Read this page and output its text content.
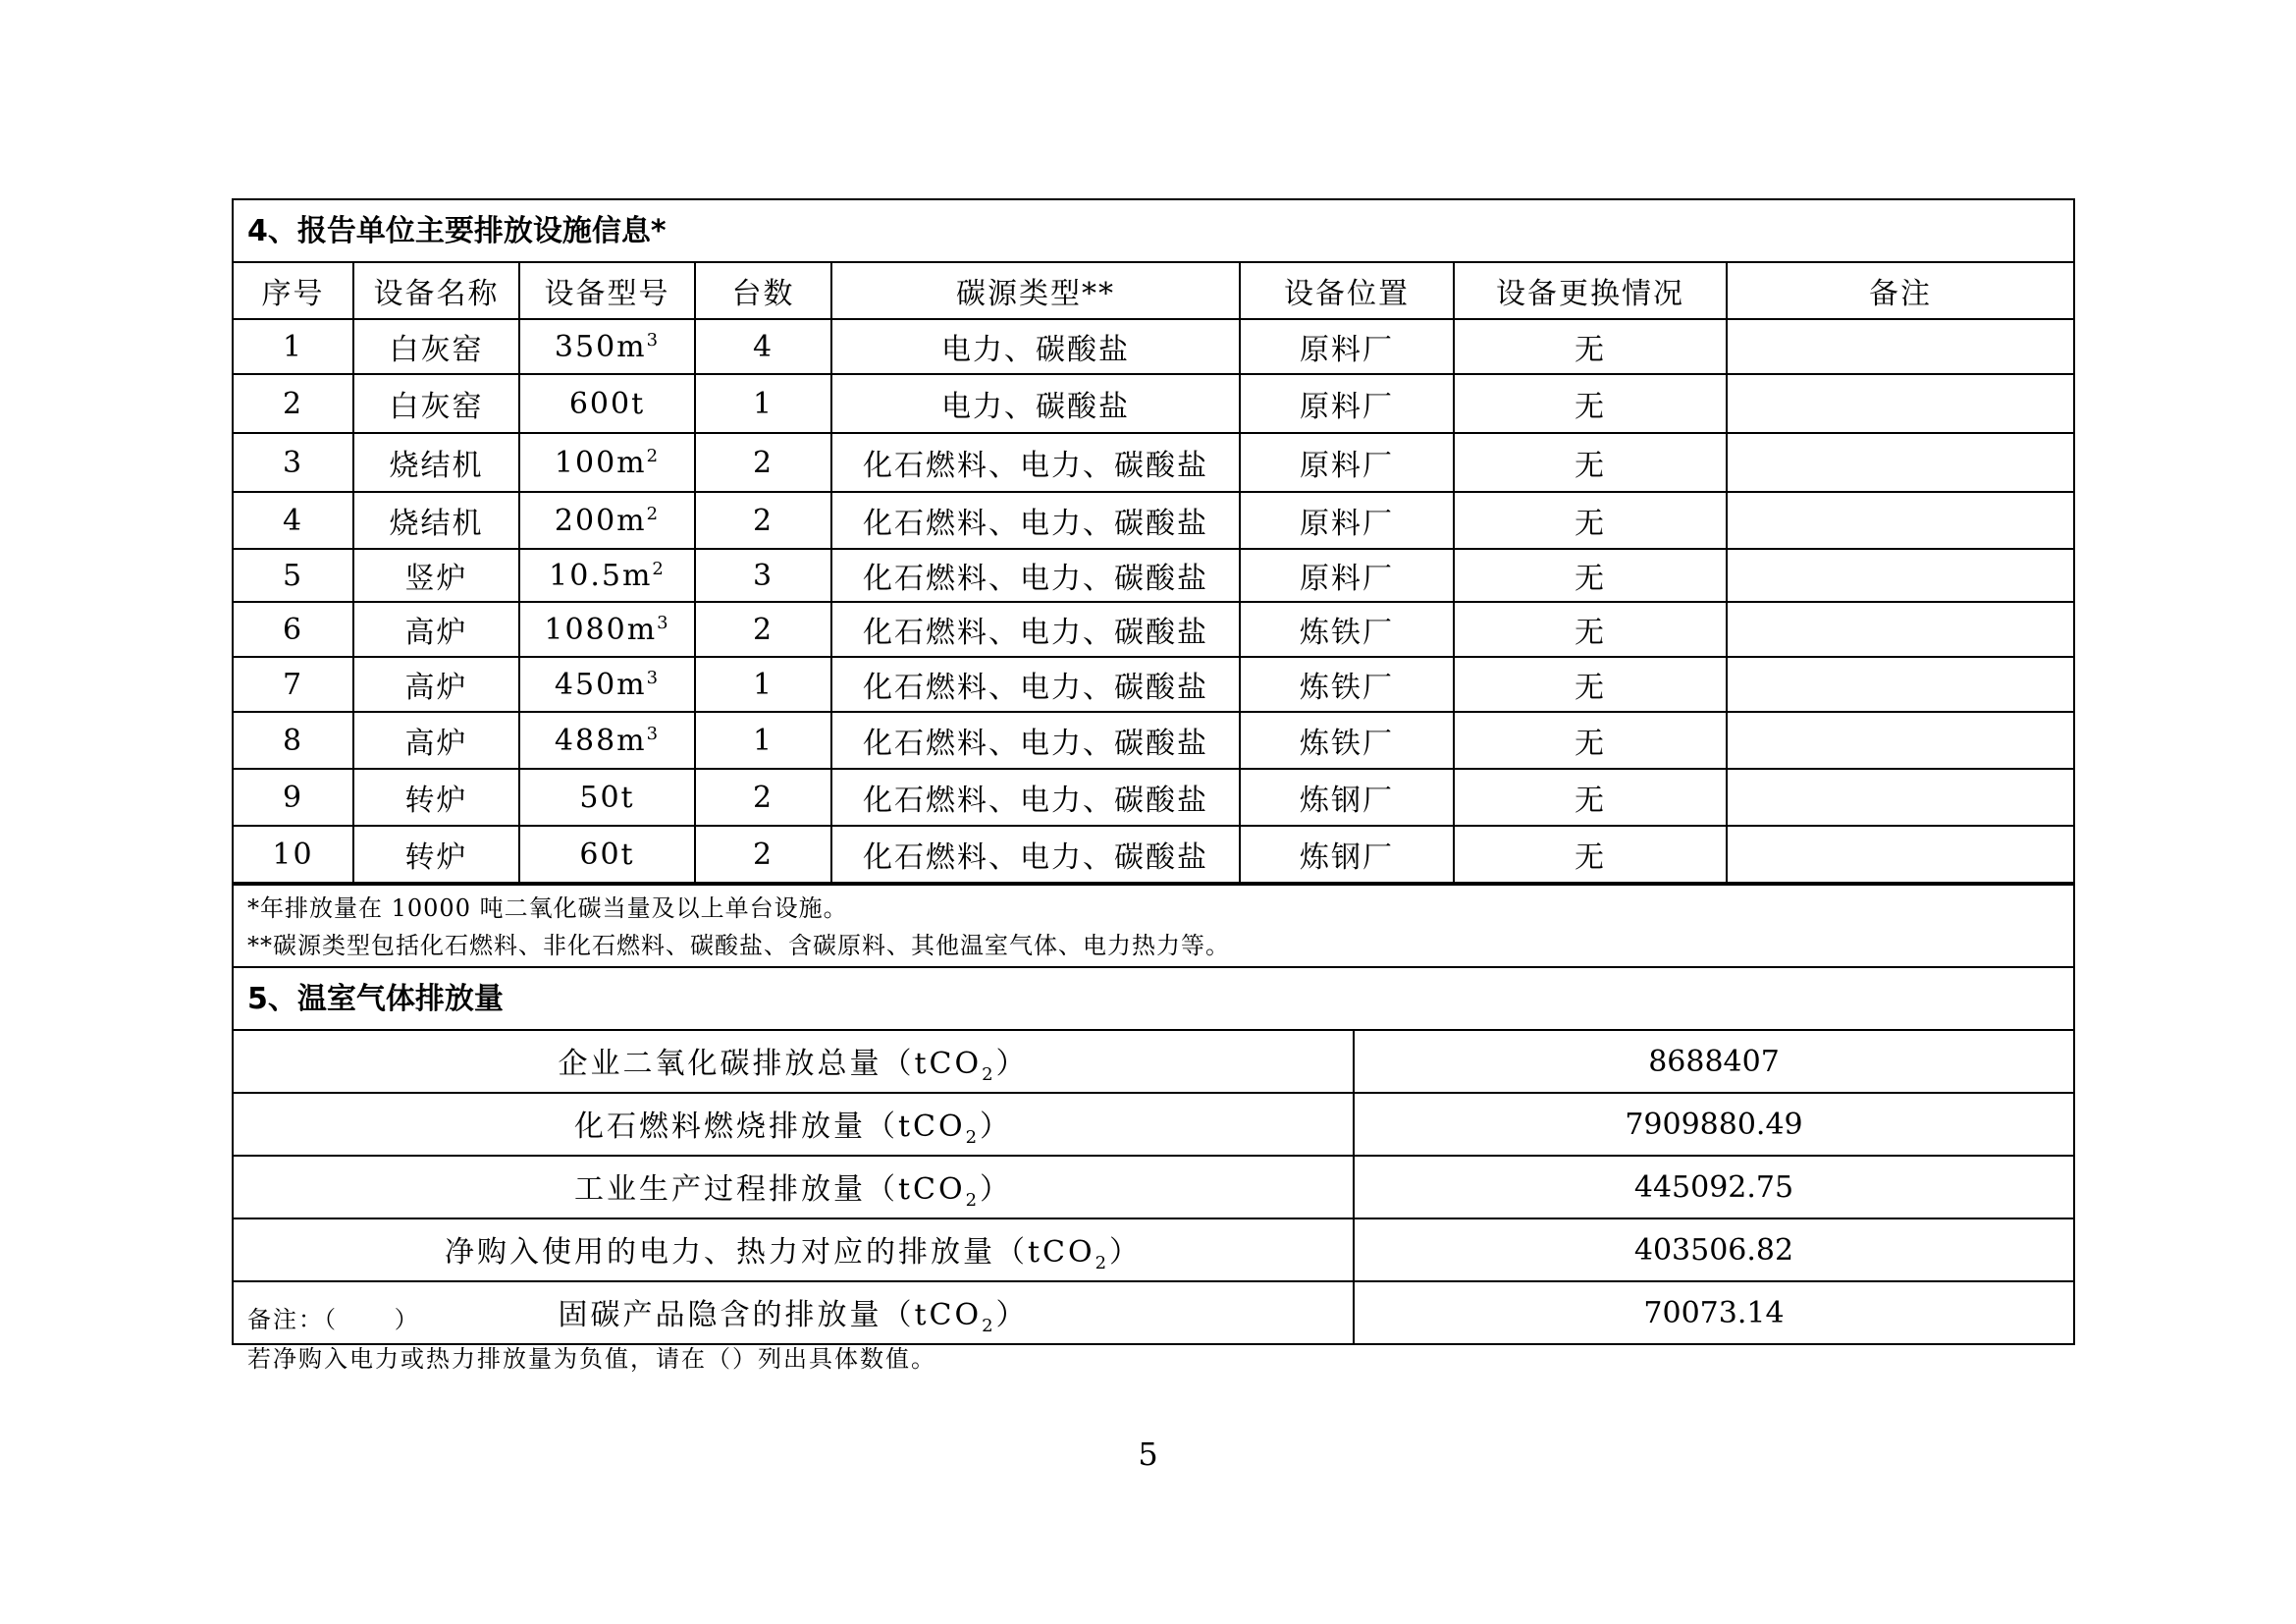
4、报告单位主要排放设施信息*
序号	设备名称	设备型号	台数	碳源类型**	设备位置	设备更换情况	备注
1	白灰窑	$350m^3$	4	电力、碳酸盐	原料厂	无	
2	白灰窑	600t	1	电力、碳酸盐	原料厂	无	
3	烧结机	$100m^2$	2	化石燃料、电力、碳酸盐	原料厂	无	
4	烧结机	$200m^2$	2	化石燃料、电力、碳酸盐	原料厂	无	
5	竖炉	$10.5m^2$	3	化石燃料、电力、碳酸盐	原料厂	无	
6	高炉	$1080m^3$	2	化石燃料、电力、碳酸盐	炼铁厂	无	
7	高炉	$450m^3$	1	化石燃料、电力、碳酸盐	炼铁厂	无	
8	高炉	$488m^3$	1	化石燃料、电力、碳酸盐	炼铁厂	无	
9	转炉	50t	2	化石燃料、电力、碳酸盐	炼钢厂	无	
10	转炉	60t	2	化石燃料、电力、碳酸盐	炼钢厂	无	
*年排放量在 10000 吨二氧化碳当量及以上单台设施。
**碳源类型包括化石燃料、非化石燃料、碳酸盐、含碳原料、其他温室气体、电力热力等。
5、温室气体排放量
企业二氧化碳排放总量（tCO$_2$）	8688407
化石燃料燃烧排放量（tCO$_2$）	7909880.49
工业生产过程排放量（tCO$_2$）	445092.75
净购入使用的电力、热力对应的排放量（tCO$_2$）	403506.82
固碳产品隐含的排放量（tCO$_2$）	70073.14
备注：（      ）
若净购入电力或热力排放量为负值，请在（）列出具体数值。
5
